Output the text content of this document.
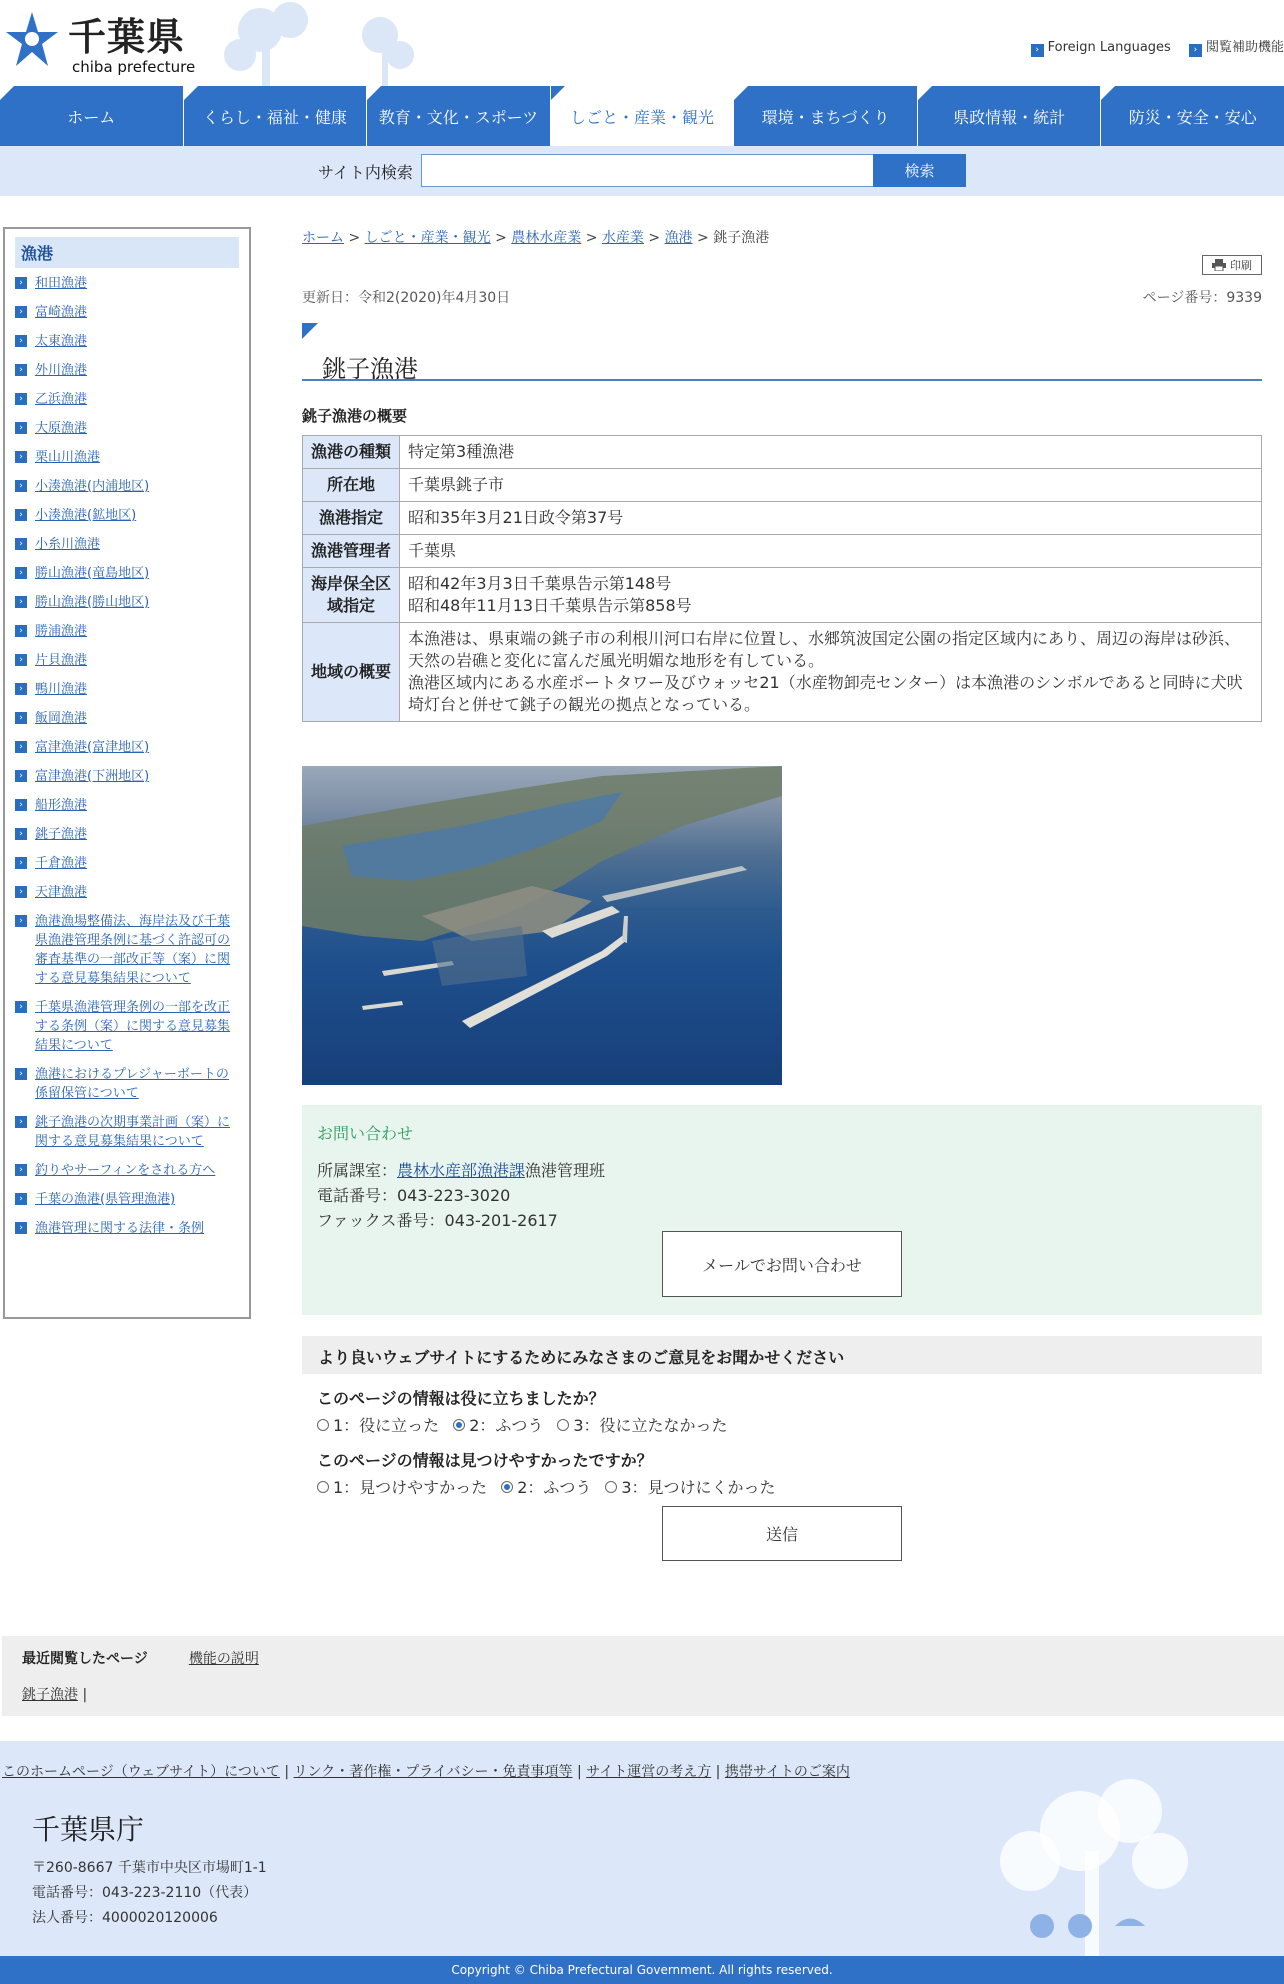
千葉県
chiba prefecture
› Foreign Languages	› 閲覧補助機能
ホーム	くらし・福祉・健康	教育・文化・スポーツ	しごと・産業・観光	環境・まちづくり	県政情報・統計	防災・安全・安心
サイト内検索	検索
漁港
› 和田漁港
› 富崎漁港
› 太東漁港
› 外川漁港
› 乙浜漁港
› 大原漁港
› 栗山川漁港
› 小湊漁港(内浦地区)
› 小湊漁港(鉱地区)
› 小糸川漁港
› 勝山漁港(竜島地区)
› 勝山漁港(勝山地区)
› 勝浦漁港
› 片貝漁港
› 鴨川漁港
› 飯岡漁港
› 富津漁港(富津地区)
› 富津漁港(下洲地区)
› 船形漁港
› 銚子漁港
› 千倉漁港
› 天津漁港
› 漁港漁場整備法、海岸法及び千葉県漁港管理条例に基づく許認可の審査基準の一部改正等（案）に関する意見募集結果について
› 千葉県漁港管理条例の一部を改正する条例（案）に関する意見募集結果について
› 漁港におけるプレジャーボートの係留保管について
› 銚子漁港の次期事業計画（案）に関する意見募集結果について
› 釣りやサーフィンをされる方へ
› 千葉の漁港(県管理漁港)
› 漁港管理に関する法律・条例
ホーム > しごと・産業・観光 > 農林水産業 > 水産業 > 漁港 > 銚子漁港
印刷
更新日：令和2(2020)年4月30日	ページ番号：9339
銚子漁港
銚子漁港の概要
漁港の種類	特定第3種漁港

所在地	千葉県銚子市

漁港指定	昭和35年3月21日政令第37号

漁港管理者	千葉県

海岸保全区域指定	昭和42年3月3日千葉県告示第148号
昭和48年11月13日千葉県告示第858号

地域の概要	本漁港は、県東端の銚子市の利根川河口右岸に位置し、水郷筑波国定公園の指定区域内にあり、周辺の海岸は砂浜、天然の岩礁と変化に富んだ風光明媚な地形を有している。
漁港区域内にある水産ポートタワー及びウォッセ21（水産物卸売センター）は本漁港のシンボルであると同時に犬吠埼灯台と併せて銚子の観光の拠点となっている。
お問い合わせ
所属課室：農林水産部漁港課漁港管理班
電話番号：043-223-3020
ファックス番号：043-201-2617
メールでお問い合わせ
より良いウェブサイトにするためにみなさまのご意見をお聞かせください
このページの情報は役に立ちましたか？
1：役に立った 2：ふつう 3：役に立たなかった
このページの情報は見つけやすかったですか？
1：見つけやすかった 2：ふつう 3：見つけにくかった
送信
最近閲覧したページ	機能の説明
銚子漁港 |
このホームページ（ウェブサイト）について | リンク・著作権・プライバシー・免責事項等 | サイト運営の考え方 | 携帯サイトのご案内
千葉県庁
〒260-8667 千葉市中央区市場町1-1
電話番号：043-223-2110（代表）
法人番号：4000020120006
Copyright © Chiba Prefectural Government. All rights reserved.
